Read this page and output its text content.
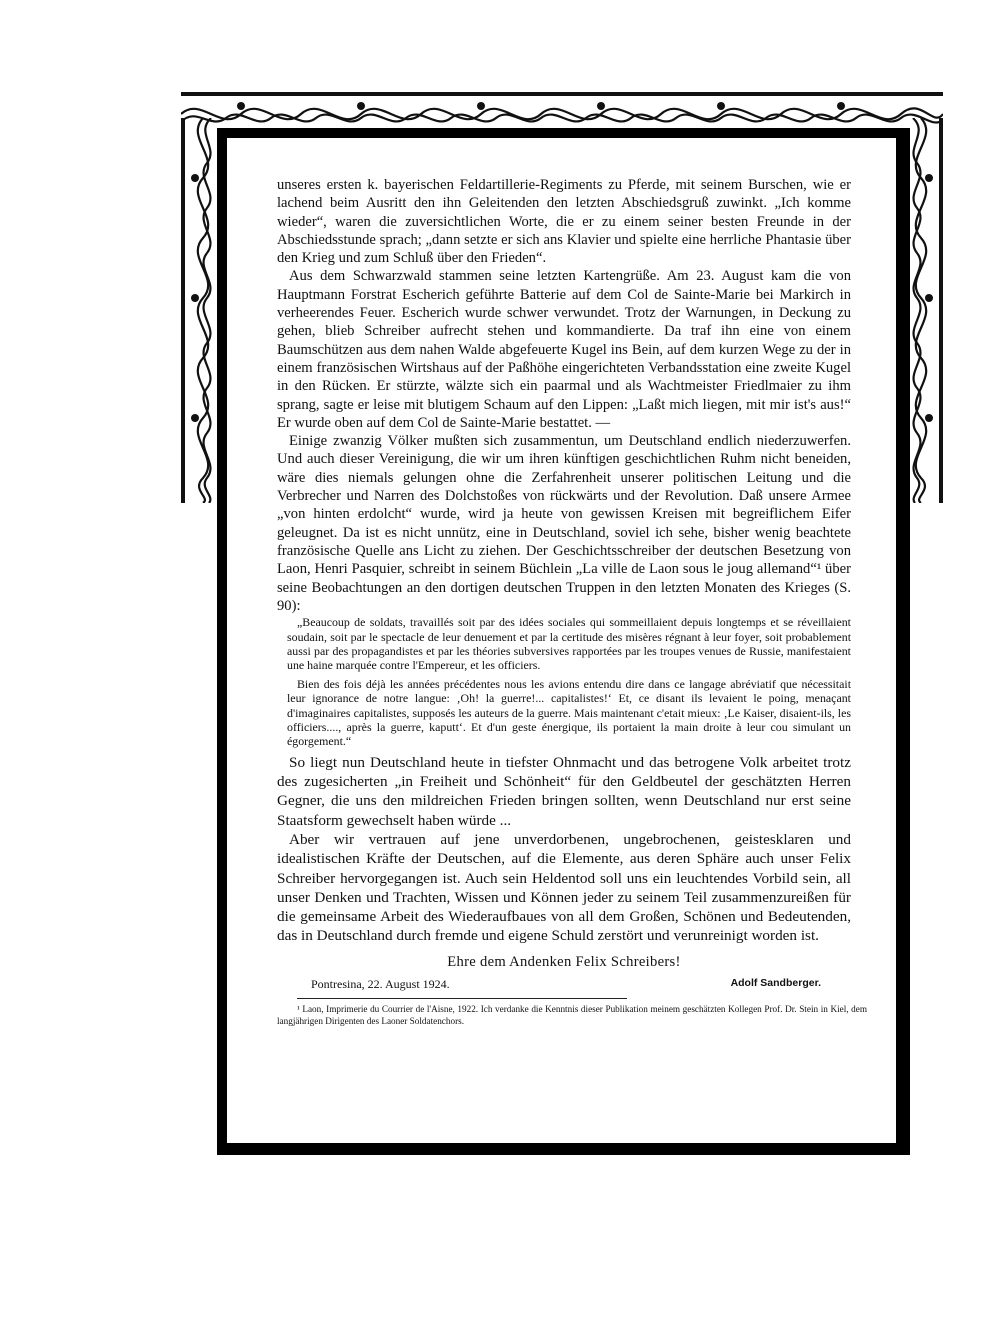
unseres ersten k. bayerischen Feldartillerie-Regiments zu Pferde, mit seinem Burschen, wie er lachend beim Ausritt den ihn Geleitenden den letzten Abschiedsgruß zuwinkt. „Ich komme wieder“, waren die zuversichtlichen Worte, die er zu einem seiner besten Freunde in der Abschiedsstunde sprach; „dann setzte er sich ans Klavier und spielte eine herrliche Phantasie über den Krieg und zum Schluß über den Frieden“.

Aus dem Schwarzwald stammen seine letzten Kartengrüße. Am 23. August kam die von Hauptmann Forstrat Escherich geführte Batterie auf dem Col de Sainte-Marie bei Markirch in verheerendes Feuer. Escherich wurde schwer verwundet. Trotz der Warnungen, in Deckung zu gehen, blieb Schreiber aufrecht stehen und kommandierte. Da traf ihn eine von einem Baumschützen aus dem nahen Walde abgefeuerte Kugel ins Bein, auf dem kurzen Wege zu der in einem französischen Wirtshaus auf der Paßhöhe eingerichteten Verbandsstation eine zweite Kugel in den Rücken. Er stürzte, wälzte sich ein paarmal und als Wachtmeister Friedlmaier zu ihm sprang, sagte er leise mit blutigem Schaum auf den Lippen: „Laßt mich liegen, mit mir ist's aus!“ Er wurde oben auf dem Col de Sainte-Marie bestattet. —

Einige zwanzig Völker mußten sich zusammentun, um Deutschland endlich niederzuwerfen. Und auch dieser Vereinigung, die wir um ihren künftigen geschichtlichen Ruhm nicht beneiden, wäre dies niemals gelungen ohne die Zerfahrenheit unserer politischen Leitung und die Verbrecher und Narren des Dolchstoßes von rückwärts und der Revolution. Daß unsere Armee „von hinten erdolcht“ wurde, wird ja heute von gewissen Kreisen mit begreiflichem Eifer geleugnet. Da ist es nicht unnütz, eine in Deutschland, soviel ich sehe, bisher wenig beachtete französische Quelle ans Licht zu ziehen. Der Geschichtsschreiber der deutschen Besetzung von Laon, Henri Pasquier, schreibt in seinem Büchlein „La ville de Laon sous le joug allemand“¹ über seine Beobachtungen an den dortigen deutschen Truppen in den letzten Monaten des Krieges (S. 90):

„Beaucoup de soldats, travaillés soit par des idées sociales qui sommeillaient depuis longtemps et se réveillaient soudain, soit par le spectacle de leur denuement et par la certitude des misères régnant à leur foyer, soit probablement aussi par des propagandistes et par les théories subversives rapportées par les troupes venues de Russie, manifestaient une haine marquée contre l'Empereur, et les officiers.

Bien des fois déjà les années précédentes nous les avions entendu dire dans ce langage abréviatif que nécessitait leur ignorance de notre langue: ‚Oh! la guerre!... capitalistes!‘ Et, ce disant ils levaient le poing, menaçant d'imaginaires capitalistes, supposés les auteurs de la guerre. Mais maintenant c'etait mieux: ‚Le Kaiser, disaient-ils, les officiers...., après la guerre, kaputt‘. Et d'un geste énergique, ils portaient la main droite à leur cou simulant un égorgement.“

So liegt nun Deutschland heute in tiefster Ohnmacht und das betrogene Volk arbeitet trotz des zugesicherten „in Freiheit und Schönheit“ für den Geldbeutel der geschätzten Herren Gegner, die uns den mildreichen Frieden bringen sollten, wenn Deutschland nur erst seine Staatsform gewechselt haben würde ...

Aber wir vertrauen auf jene unverdorbenen, ungebrochenen, geistesklaren und idealistischen Kräfte der Deutschen, auf die Elemente, aus deren Sphäre auch unser Felix Schreiber hervorgegangen ist. Auch sein Heldentod soll uns ein leuchtendes Vorbild sein, all unser Denken und Trachten, Wissen und Können jeder zu seinem Teil zusammenzureißen für die gemeinsame Arbeit des Wiederaufbaues von all dem Großen, Schönen und Bedeutenden, das in Deutschland durch fremde und eigene Schuld zerstört und verunreinigt worden ist.

Ehre dem Andenken Felix Schreibers!

Pontresina, 22. August 1924.	Adolf Sandberger.

¹ Laon, Imprimerie du Courrier de l'Aisne, 1922. Ich verdanke die Kenntnis dieser Publikation meinem geschätzten Kollegen Prof. Dr. Stein in Kiel, dem langjährigen Dirigenten des Laoner Soldatenchors.
